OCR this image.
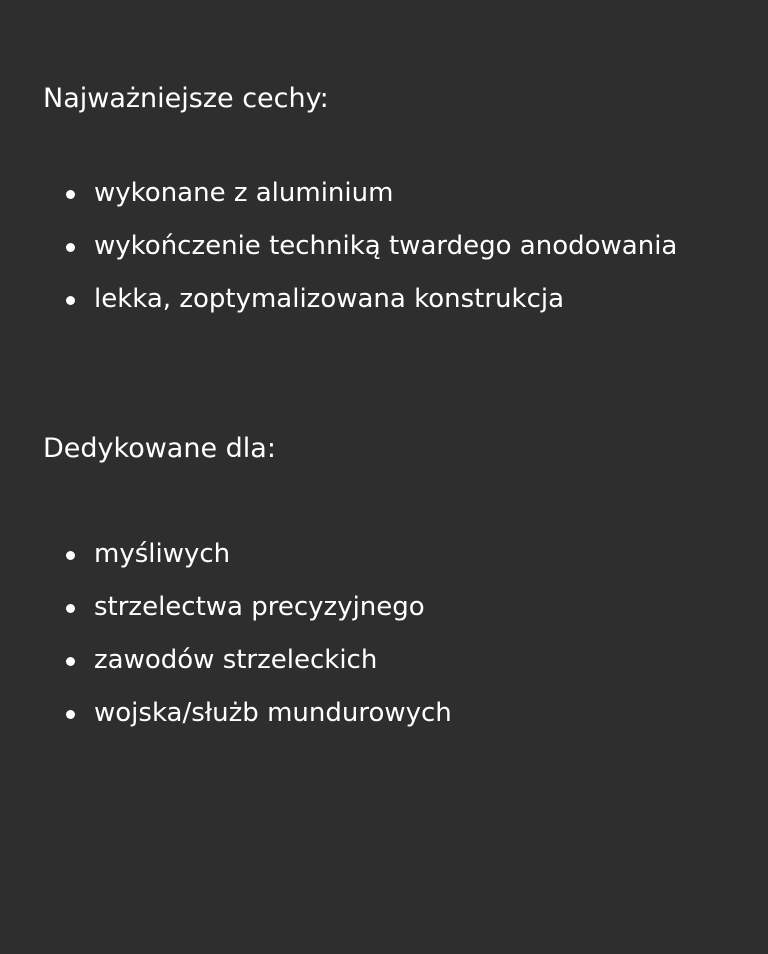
Najważniejsze cechy:
wykonane z aluminium
wykończenie techniką twardego anodowania
lekka, zoptymalizowana konstrukcja
Dedykowane dla:
myśliwych
strzelectwa precyzyjnego
zawodów strzeleckich
wojska/służb mundurowych
